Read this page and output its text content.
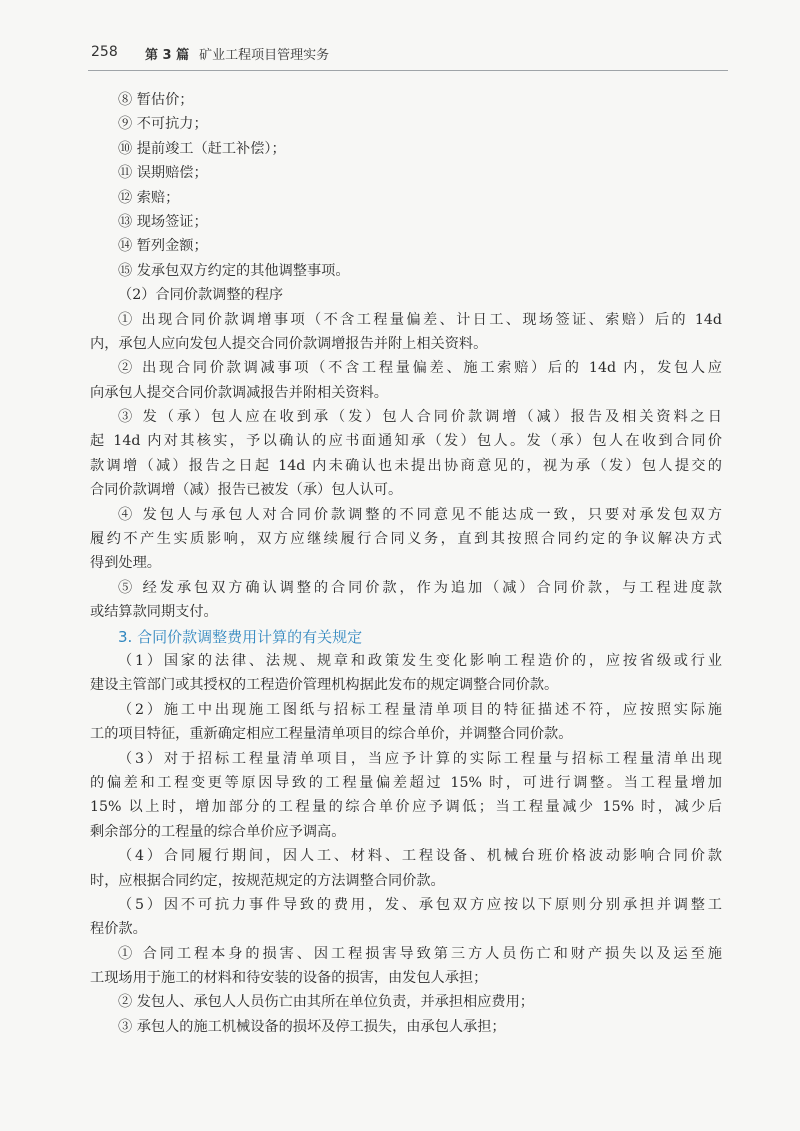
258 第 3 篇 矿业工程项目管理实务
⑧ 暂估价；
⑨ 不可抗力；
⑩ 提前竣工（赶工补偿）；
⑪ 误期赔偿；
⑫ 索赔；
⑬ 现场签证；
⑭ 暂列金额；
⑮ 发承包双方约定的其他调整事项。
（2）合同价款调整的程序
① 出现合同价款调增事项（不含工程量偏差、计日工、现场签证、索赔）后的 14d
内，承包人应向发包人提交合同价款调增报告并附上相关资料。
② 出现合同价款调减事项（不含工程量偏差、施工索赔）后的 14d 内，发包人应
向承包人提交合同价款调减报告并附相关资料。
③ 发（承）包人应在收到承（发）包人合同价款调增（减）报告及相关资料之日
起 14d 内对其核实，予以确认的应书面通知承（发）包人。发（承）包人在收到合同价
款调增（减）报告之日起 14d 内未确认也未提出协商意见的，视为承（发）包人提交的
合同价款调增（减）报告已被发（承）包人认可。
④ 发包人与承包人对合同价款调整的不同意见不能达成一致，只要对承发包双方
履约不产生实质影响，双方应继续履行合同义务，直到其按照合同约定的争议解决方式
得到处理。
⑤ 经发承包双方确认调整的合同价款，作为追加（减）合同价款，与工程进度款
或结算款同期支付。
3. 合同价款调整费用计算的有关规定
（1）国家的法律、法规、规章和政策发生变化影响工程造价的，应按省级或行业
建设主管部门或其授权的工程造价管理机构据此发布的规定调整合同价款。
（2）施工中出现施工图纸与招标工程量清单项目的特征描述不符，应按照实际施
工的项目特征，重新确定相应工程量清单项目的综合单价，并调整合同价款。
（3）对于招标工程量清单项目，当应予计算的实际工程量与招标工程量清单出现
的偏差和工程变更等原因导致的工程量偏差超过 15% 时，可进行调整。当工程量增加
15% 以上时，增加部分的工程量的综合单价应予调低；当工程量减少 15% 时，减少后
剩余部分的工程量的综合单价应予调高。
（4）合同履行期间，因人工、材料、工程设备、机械台班价格波动影响合同价款
时，应根据合同约定，按规范规定的方法调整合同价款。
（5）因不可抗力事件导致的费用，发、承包双方应按以下原则分别承担并调整工
程价款。
① 合同工程本身的损害、因工程损害导致第三方人员伤亡和财产损失以及运至施
工现场用于施工的材料和待安装的设备的损害，由发包人承担；
② 发包人、承包人人员伤亡由其所在单位负责，并承担相应费用；
③ 承包人的施工机械设备的损坏及停工损失，由承包人承担；
